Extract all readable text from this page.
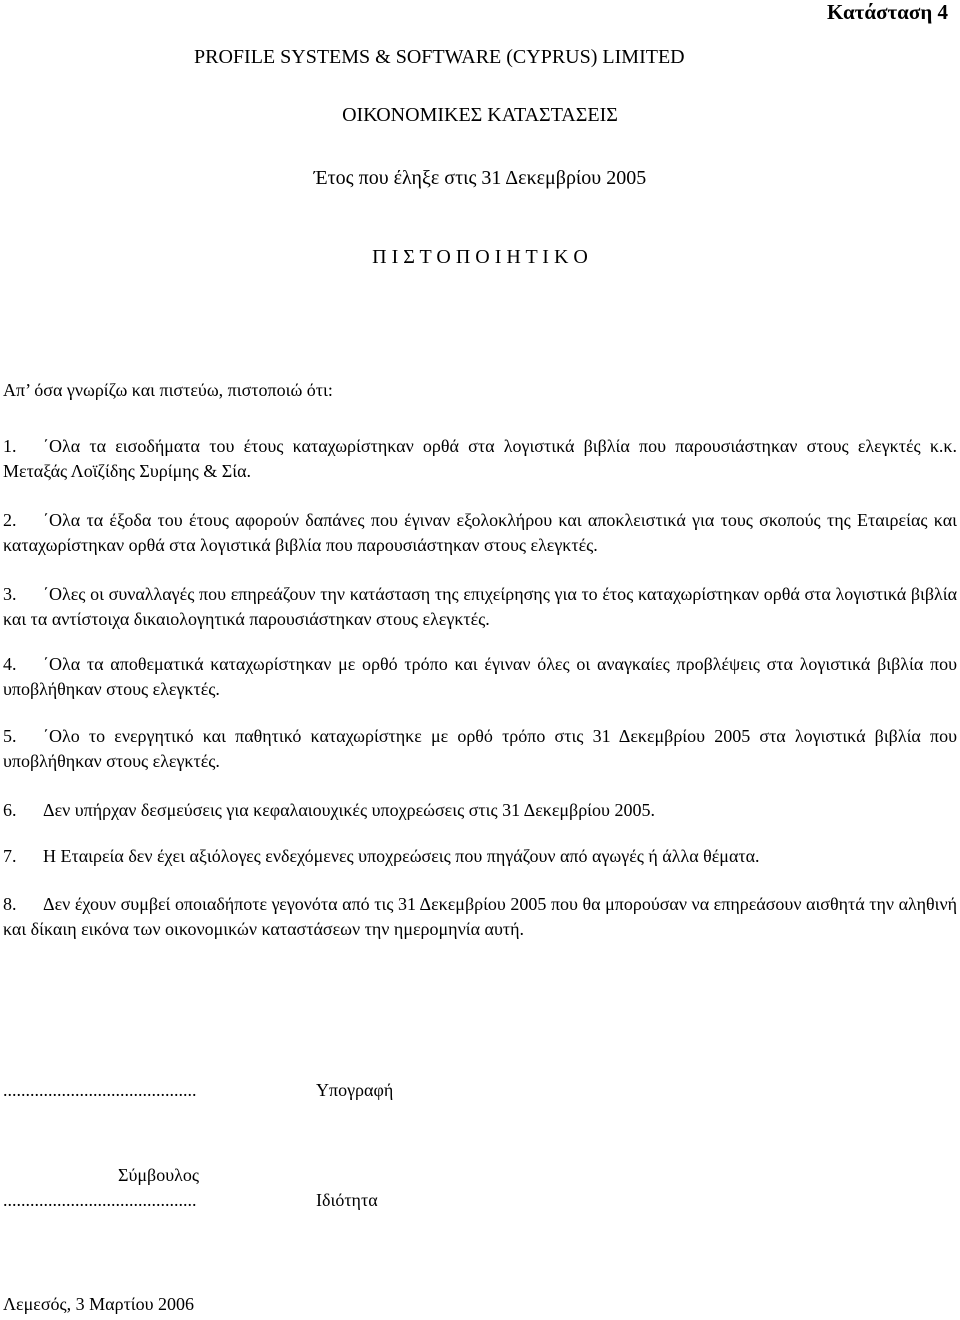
Κατάσταση 4
PROFILE SYSTEMS & SOFTWARE (CYPRUS) LIMITED
ΟΙΚΟΝΟΜΙΚΕΣ ΚΑΤΑΣΤΑΣΕΙΣ
Έτος που έληξε στις 31 Δεκεμβρίου 2005
Π Ι Σ Τ Ο Π Ο Ι Η Τ Ι Κ Ο
Απ’ όσα γνωρίζω και πιστεύω, πιστοποιώ ότι:

1. ΄Ολα τα εισοδήματα του έτους καταχωρίστηκαν ορθά στα λογιστικά βιβλία που παρουσιάστηκαν στους ελεγκτές κ.κ. Μεταξάς Λοϊζίδης Συρίμης & Σία.

2. ΄Ολα τα έξοδα του έτους αφορούν δαπάνες που έγιναν εξολοκλήρου και αποκλειστικά για τους σκοπούς της Εταιρείας και καταχωρίστηκαν ορθά στα λογιστικά βιβλία που παρουσιάστηκαν στους ελεγκτές.

3. ΄Ολες οι συναλλαγές που επηρεάζουν την κατάσταση της επιχείρησης για το έτος καταχωρίστηκαν ορθά στα λογιστικά βιβλία και τα αντίστοιχα δικαιολογητικά παρουσιάστηκαν στους ελεγκτές.

4. ΄Ολα τα αποθεματικά καταχωρίστηκαν με ορθό τρόπο και έγιναν όλες οι αναγκαίες προβλέψεις στα λογιστικά βιβλία που υποβλήθηκαν στους ελεγκτές.

5. ΄Ολο το ενεργητικό και παθητικό καταχωρίστηκε με ορθό τρόπο στις 31 Δεκεμβρίου 2005 στα λογιστικά βιβλία που υποβλήθηκαν στους ελεγκτές.

6. Δεν υπήρχαν δεσμεύσεις για κεφαλαιουχικές υποχρεώσεις στις 31 Δεκεμβρίου 2005.

7. Η Εταιρεία δεν έχει αξιόλογες ενδεχόμενες υποχρεώσεις που πηγάζουν από αγωγές ή άλλα θέματα.

8. Δεν έχουν συμβεί οποιαδήποτε γεγονότα από τις 31 Δεκεμβρίου 2005 που θα μπορούσαν να επηρεάσουν αισθητά την αληθινή και δίκαιη εικόνα των οικονομικών καταστάσεων την ημερομηνία αυτή.

...........................................	Υπογραφή
Σύμβουλος
...........................................	Ιδιότητα
Λεμεσός, 3 Μαρτίου 2006
